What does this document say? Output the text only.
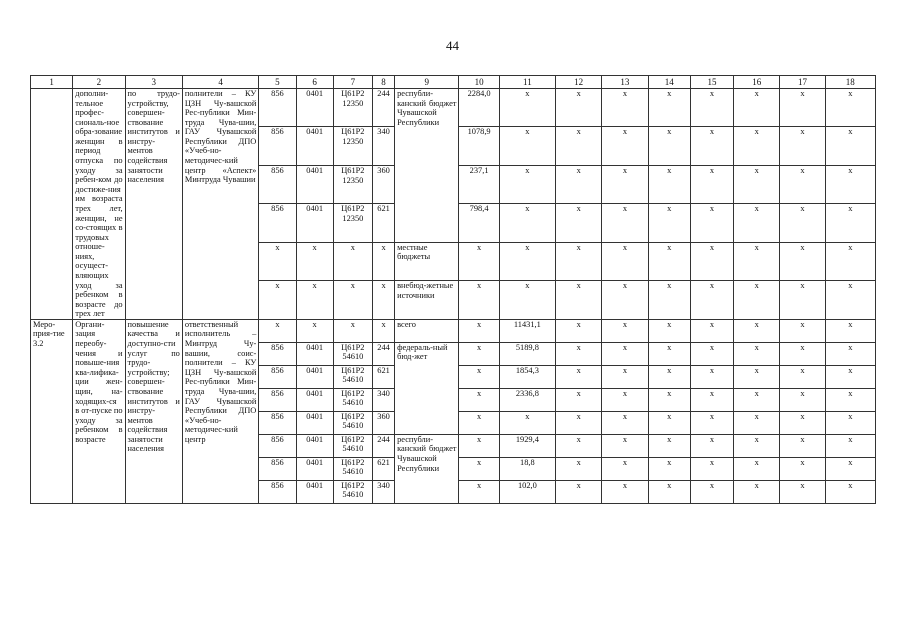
44
1	2	3	4	5	6	7	8	9	10	11	12	13	14	15	16	17	18
	дополни-тельное профес-сиональ-ное обра-зование женщин в период отпуска по уходу за ребен-ком до достиже-ния им возраста трех лет, женщин, не со-стоящих в трудовых отноше-ниях, осущест-вляющих уход за ребенком в возрасте до трех лет	по трудо-устройству, совершен-ствование институтов и инстру-ментов содействия занятости населения	полнители – КУ ЦЗН Чу-вашской Рес-публики Мин-труда Чува-шии, ГАУ Чувашской Республики ДПО «Учеб-но-методичес-кий центр «Аспект» Минтруда Чувашии	856	0401	Ц61Р2 12350	244	республи-канский бюджет Чувашской Республики	2284,0	x	x	x	x	x	x	x	x
				856	0401	Ц61Р2 12350	340		1078,9	x	x	x	x	x	x	x	x
				856	0401	Ц61Р2 12350	360		237,1	x	x	x	x	x	x	x	x
				856	0401	Ц61Р2 12350	621		798,4	x	x	x	x	x	x	x	x
				x	x	x	x	местные бюджеты	x	x	x	x	x	x	x	x	x
				x	x	x	x	внебюд-жетные источники	x	x	x	x	x	x	x	x	x
Меро-прия-тие 3.2	Органи-зация переобу-чения и повыше-ния ква-лифика-ции жен-щин, на-ходящих-ся в от-пуске по уходу за ребенком в возрасте	повышение качества и доступно-сти услуг по трудо-устройству; совершен-ствование институтов и инстру-ментов содействия занятости населения	ответственный исполнитель – Минтруд Чу-вашии, соис-полнители – КУ ЦЗН Чу-вашской Рес-публики Мин-труда Чува-шии, ГАУ Чувашской Республики ДПО «Учеб-но-методичес-кий центр	x	x	x	x	всего	x	11431,1	x	x	x	x	x	x	x
				856	0401	Ц61Р2 54610	244	федераль-ный бюд-жет	x	5189,8	x	x	x	x	x	x	x
				856	0401	Ц61Р2 54610	621		x	1854,3	x	x	x	x	x	x	x
				856	0401	Ц61Р2 54610	340		x	2336,8	x	x	x	x	x	x	x
				856	0401	Ц61Р2 54610	360		x	x	x	x	x	x	x	x	x
				856	0401	Ц61Р2 54610	244	республи-канский бюджет Чувашской Республики	x	1929,4	x	x	x	x	x	x	x
				856	0401	Ц61Р2 54610	621		x	18,8	x	x	x	x	x	x	x
				856	0401	Ц61Р2 54610	340		x	102,0	x	x	x	x	x	x	x
